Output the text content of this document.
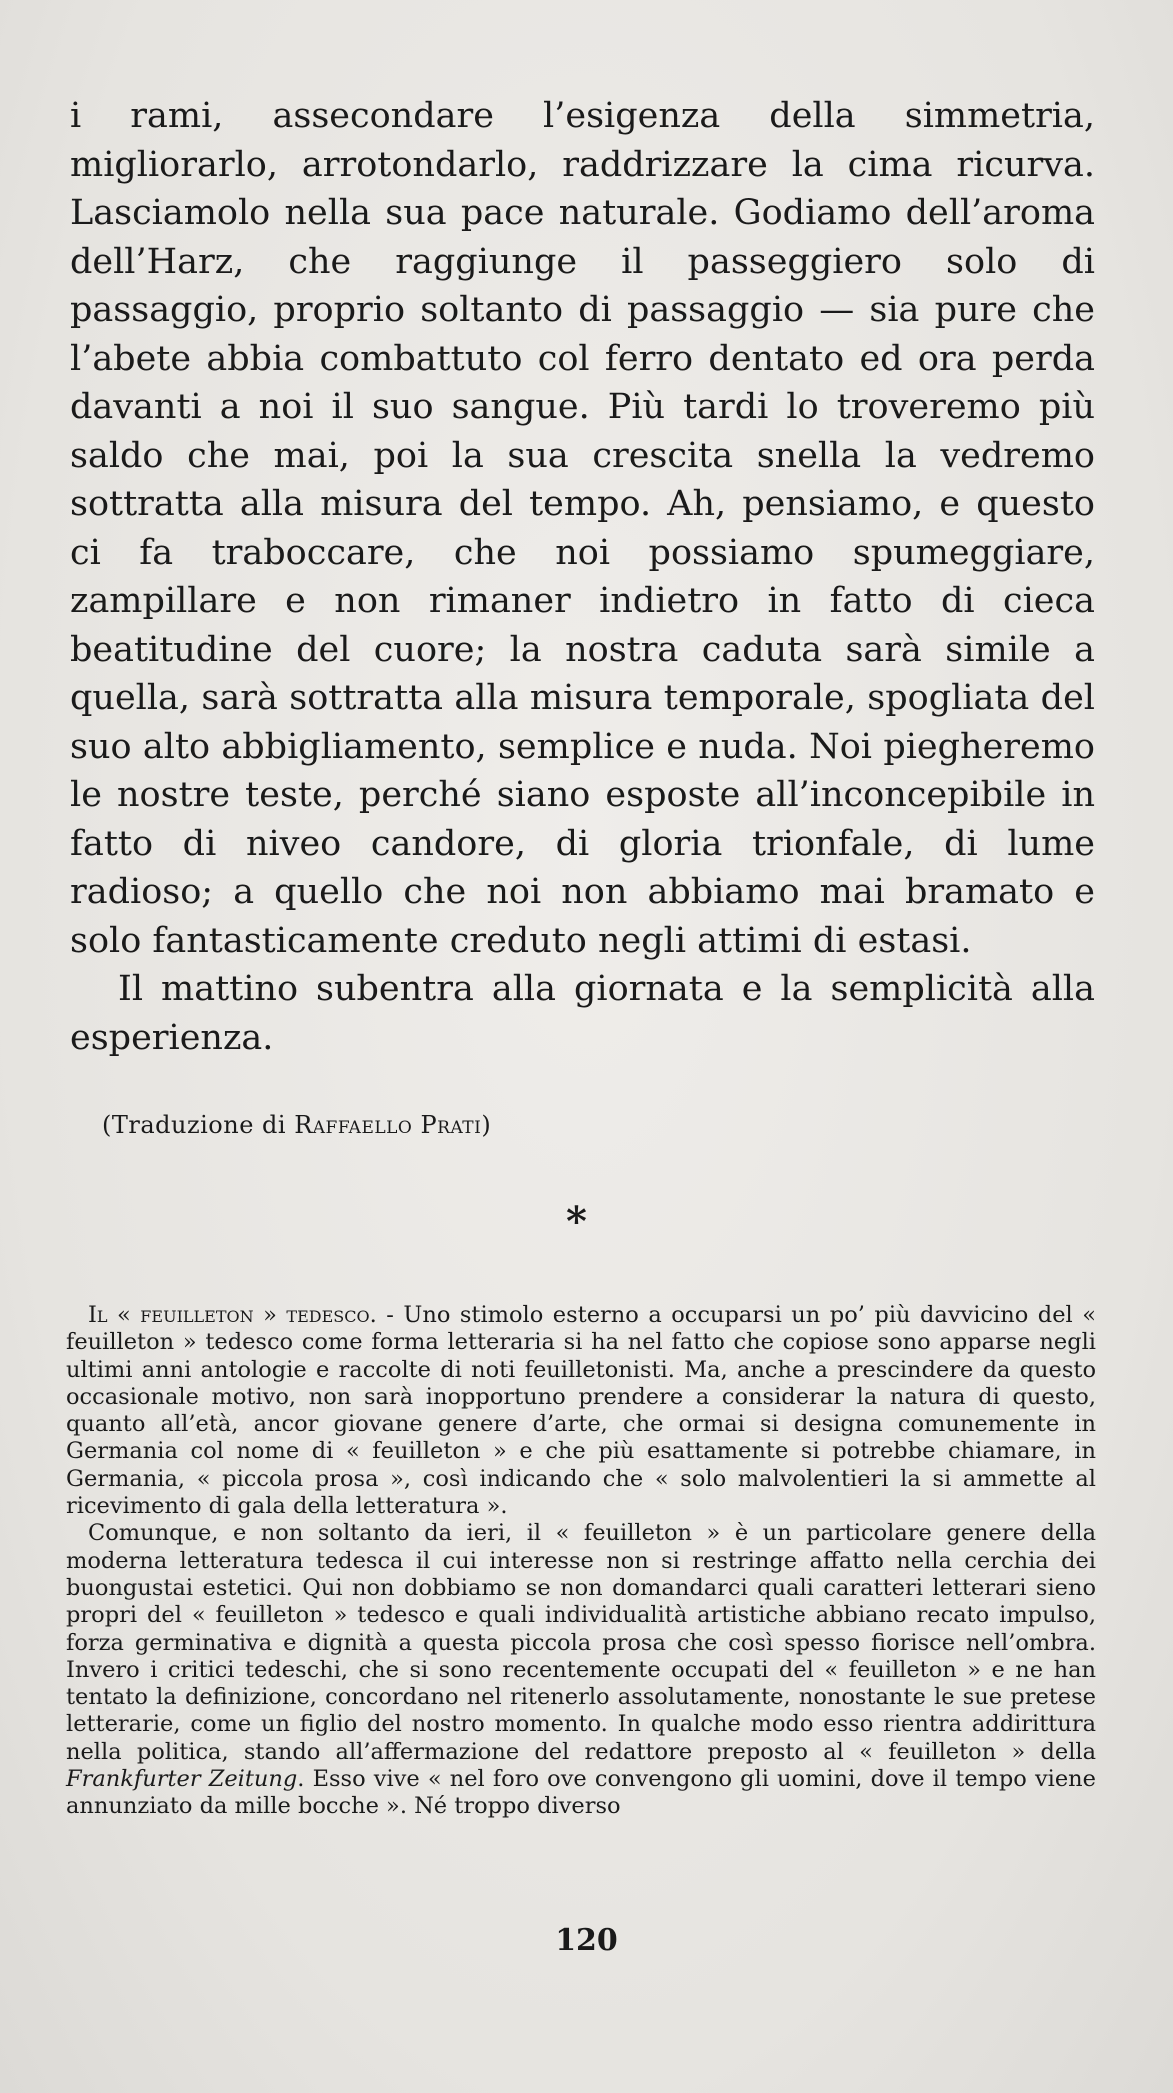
i rami, assecondare l’esigenza della simmetria, migliorarlo, arrotondarlo, raddrizzare la cima ricurva. Lasciamolo nella sua pace naturale. Godiamo dell’aroma dell’Harz, che raggiunge il passeggiero solo di passaggio, proprio soltanto di passaggio — sia pure che l’abete abbia combattuto col ferro dentato ed ora perda davanti a noi il suo sangue. Più tardi lo troveremo più saldo che mai, poi la sua crescita snella la vedremo sottratta alla misura del tempo. Ah, pensiamo, e questo ci fa traboccare, che noi possiamo spumeggiare, zampillare e non rimaner indietro in fatto di cieca beatitudine del cuore; la nostra caduta sarà simile a quella, sarà sottratta alla misura temporale, spogliata del suo alto abbigliamento, semplice e nuda. Noi piegheremo le nostre teste, perché siano esposte all’inconcepibile in fatto di niveo candore, di gloria trionfale, di lume radioso; a quello che noi non abbiamo mai bramato e solo fantasticamente creduto negli attimi di estasi.

Il mattino subentra alla giornata e la semplicità alla esperienza.

(Traduzione di Raffaello Prati)
*

Il « feuilleton » tedesco. - Uno stimolo esterno a occuparsi un po’ più davvicino del « feuilleton » tedesco come forma letteraria si ha nel fatto che copiose sono apparse negli ultimi anni antologie e raccolte di noti feuilletonisti. Ma, anche a prescindere da questo occasionale motivo, non sarà inopportuno prendere a considerar la natura di questo, quanto all’età, ancor giovane genere d’arte, che ormai si designa comunemente in Germania col nome di « feuilleton » e che più esattamente si potrebbe chiamare, in Germania, « piccola prosa », così indicando che « solo malvolentieri la si ammette al ricevimento di gala della letteratura ».

Comunque, e non soltanto da ieri, il « feuilleton » è un particolare genere della moderna letteratura tedesca il cui interesse non si restringe affatto nella cerchia dei buongustai estetici. Qui non dobbiamo se non domandarci quali caratteri letterari sieno propri del « feuilleton » tedesco e quali individualità artistiche abbiano recato impulso, forza germinativa e dignità a questa piccola prosa che così spesso fiorisce nell’ombra. Invero i critici tedeschi, che si sono recentemente occupati del « feuilleton » e ne han tentato la definizione, concordano nel ritenerlo assolutamente, nonostante le sue pretese letterarie, come un figlio del nostro momento. In qualche modo esso rientra addirittura nella politica, stando all’affermazione del redattore preposto al « feuilleton » della Frankfurter Zeitung. Esso vive « nel foro ove convengono gli uomini, dove il tempo viene annunziato da mille bocche ». Né troppo diverso

120
